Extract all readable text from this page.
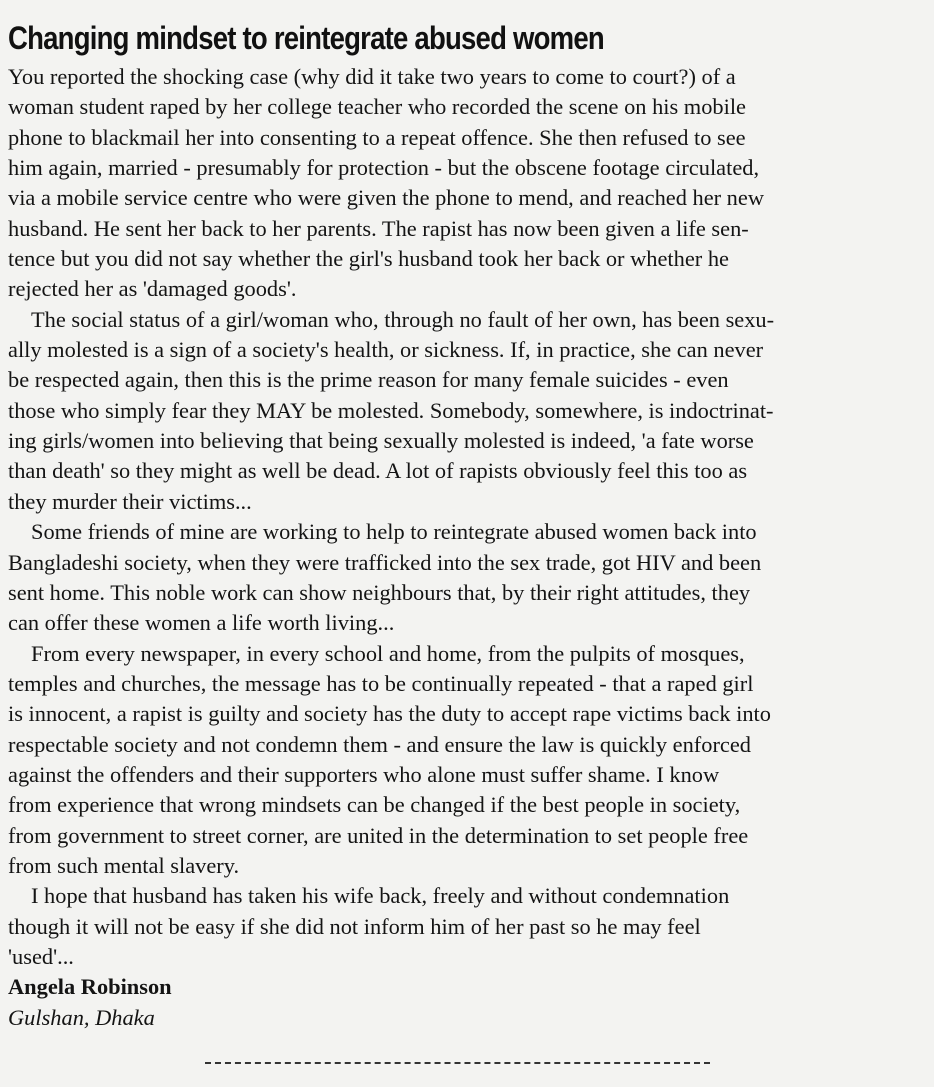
Changing mindset to reintegrate abused women

You reported the shocking case (why did it take two years to come to court?) of a
woman student raped by her college teacher who recorded the scene on his mobile
phone to blackmail her into consenting to a repeat offence. She then refused to see
him again, married - presumably for protection - but the obscene footage circulated,
via a mobile service centre who were given the phone to mend, and reached her new
husband. He sent her back to her parents. The rapist has now been given a life sen-
tence but you did not say whether the girl's husband took her back or whether he
rejected her as 'damaged goods'.

The social status of a girl/woman who, through no fault of her own, has been sexu-
ally molested is a sign of a society's health, or sickness. If, in practice, she can never
be respected again, then this is the prime reason for many female suicides - even
those who simply fear they MAY be molested. Somebody, somewhere, is indoctrinat-
ing girls/women into believing that being sexually molested is indeed, 'a fate worse
than death' so they might as well be dead. A lot of rapists obviously feel this too as
they murder their victims...

Some friends of mine are working to help to reintegrate abused women back into
Bangladeshi society, when they were trafficked into the sex trade, got HIV and been
sent home. This noble work can show neighbours that, by their right attitudes, they
can offer these women a life worth living...

From every newspaper, in every school and home, from the pulpits of mosques,
temples and churches, the message has to be continually repeated - that a raped girl
is innocent, a rapist is guilty and society has the duty to accept rape victims back into
respectable society and not condemn them - and ensure the law is quickly enforced
against the offenders and their supporters who alone must suffer shame. I know
from experience that wrong mindsets can be changed if the best people in society,
from government to street corner, are united in the determination to set people free
from such mental slavery.

I hope that husband has taken his wife back, freely and without condemnation
though it will not be easy if she did not inform him of her past so he may feel
'used'...

Angela Robinson

Gulshan, Dhaka
